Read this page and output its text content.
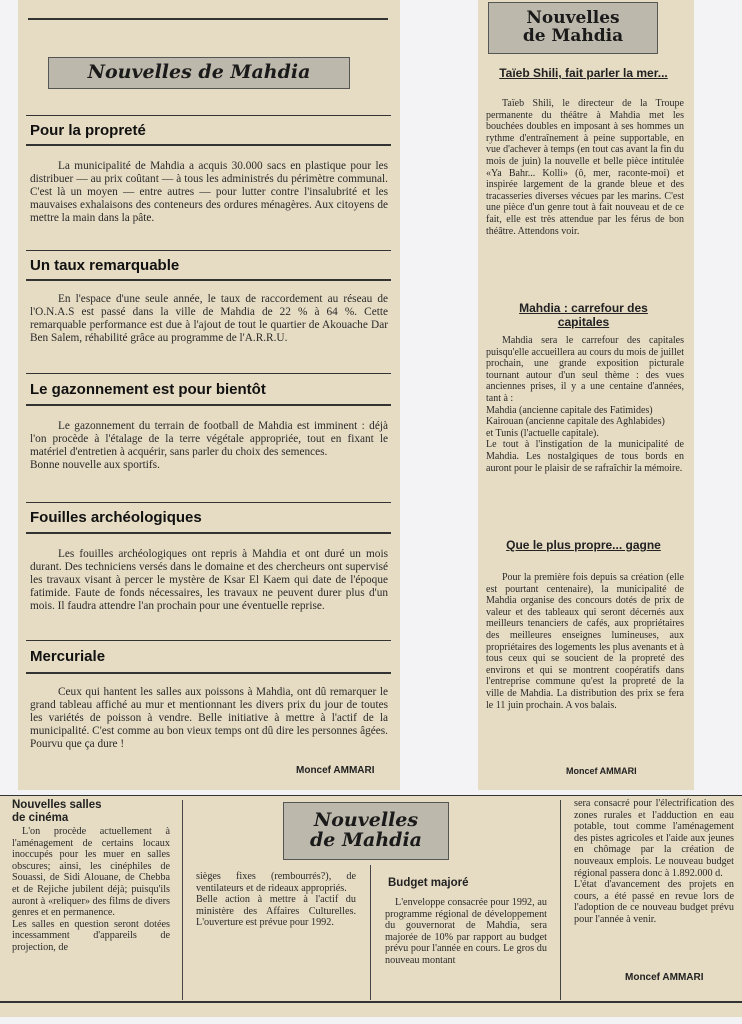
Nouvelles de Mahdia
Pour la propreté
La municipalité de Mahdia a acquis 30.000 sacs en plastique pour les distribuer — au prix coûtant — à tous les administrés du périmètre communal. C'est là un moyen — entre autres — pour lutter contre l'insalubrité et les mauvaises exhalaisons des conteneurs des ordures ménagères. Aux citoyens de mettre la main dans la pâte.
Un taux remarquable
En l'espace d'une seule année, le taux de raccordement au réseau de l'O.N.A.S est passé dans la ville de Mahdia de 22 % à 64 %. Cette remarquable performance est due à l'ajout de tout le quartier de Akouache Dar Ben Salem, réhabilité grâce au programme de l'A.R.R.U.
Le gazonnement est pour bientôt
Le gazonnement du terrain de football de Mahdia est imminent : déjà l'on procède à l'étalage de la terre végétale appropriée, tout en fixant le matériel d'entretien à acquérir, sans parler du choix des semences.
Bonne nouvelle aux sportifs.
Fouilles archéologiques
Les fouilles archéologiques ont repris à Mahdia et ont duré un mois durant. Des techniciens versés dans le domaine et des chercheurs ont supervisé les travaux visant à percer le mystère de Ksar El Kaem qui date de l'époque fatimide. Faute de fonds nécessaires, les travaux ne peuvent durer plus d'un mois. Il faudra attendre l'an prochain pour une éventuelle reprise.
Mercuriale
Ceux qui hantent les salles aux poissons à Mahdia, ont dû remarquer le grand tableau affiché au mur et mentionnant les divers prix du jour de toutes les variétés de poisson à vendre. Belle initiative à mettre à l'actif de la municipalité. C'est comme au bon vieux temps ont dû dire les personnes âgées. Pourvu que ça dure !
Moncef AMMARI
Nouvelles
de Mahdia
Taïeb Shili, fait parler la mer...
Taïeb Shili, le directeur de la Troupe permanente du théâtre à Mahdia met les bouchées doubles en imposant à ses hommes un rythme d'entraînement à peine supportable, en vue d'achever à temps (en tout cas avant la fin du mois de juin) la nouvelle et belle pièce intitulée «Ya Bahr... Kolli» (ô, mer, raconte-moi) et inspirée largement de la grande bleue et des tracasseries diverses vécues par les marins. C'est une pièce d'un genre tout à fait nouveau et de ce fait, elle est très attendue par les férus de bon théâtre. Attendons voir.
Mahdia : carrefour des capitales
Mahdia sera le carrefour des capitales puisqu'elle accueillera au cours du mois de juillet prochain, une grande exposition picturale tournant autour d'un seul thème : des vues anciennes prises, il y a une centaine d'années, tant à :
Mahdia (ancienne capitale des Fatimides)
Kairouan (ancienne capitale des Aghlabides)
et Tunis (l'actuelle capitale).
Le tout à l'instigation de la municipalité de Mahdia. Les nostalgiques de tous bords en auront pour le plaisir de se rafraîchir la mémoire.
Que le plus propre... gagne
Pour la première fois depuis sa création (elle est pourtant centenaire), la municipalité de Mahdia organise des concours dotés de prix de valeur et des tableaux qui seront décernés aux meilleurs tenanciers de cafés, aux propriétaires des meilleures enseignes lumineuses, aux propriétaires des logements les plus avenants et à tous ceux qui se soucient de la propreté des environs et qui se montrent coopératifs dans l'entreprise commune qu'est la propreté de la ville de Mahdia. La distribution des prix se fera le 11 juin prochain. A vos balais.
Moncef AMMARI
Nouvelles salles
de cinéma
L'on procède actuellement à l'aménagement de certains locaux inoccupés pour les muer en salles obscures; ainsi, les cinéphiles de Souassi, de Sidi Alouane, de Chebba et de Rejiche jubilent déjà; puisqu'ils auront à «reliquer» des films de divers genres et en permanence.
Les salles en question seront dotées incessamment d'appareils de projection, de
Nouvelles
de Mahdia
sièges fixes (rembourrés?), de ventilateurs et de rideaux appropriés.
Belle action à mettre à l'actif du ministère des Affaires Culturelles. L'ouverture est prévue pour 1992.
Budget majoré
L'enveloppe consacrée pour 1992, au programme régional de développement du gouvernorat de Mahdia, sera majorée de 10% par rapport au budget prévu pour l'année en cours. Le gros du nouveau montant
sera consacré pour l'électrification des zones rurales et l'adduction en eau potable, tout comme l'aménagement des pistes agricoles et l'aide aux jeunes en chômage par la création de nouveaux emplois. Le nouveau budget régional passera donc à 1.892.000 d.
L'état d'avancement des projets en cours, a été passé en revue lors de l'adoption de ce nouveau budget prévu pour l'année à venir.
Moncef AMMARI
